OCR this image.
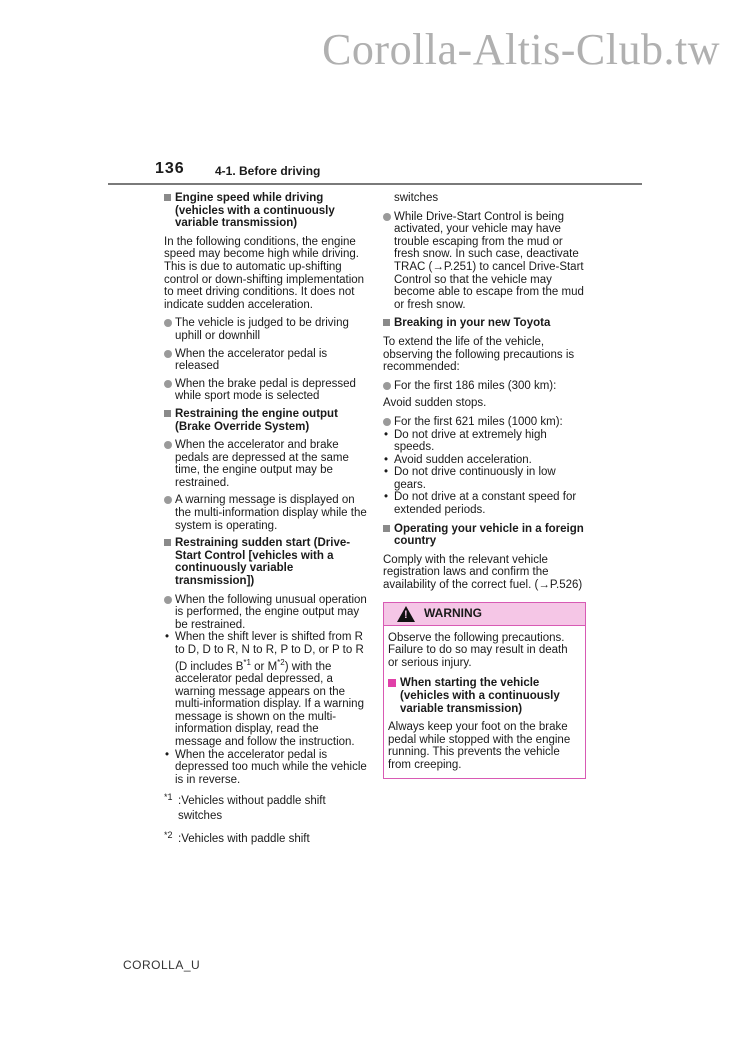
Corolla-Altis-Club.tw
136	4-1. Before driving

Engine speed while driving (vehicles with a continuously variable transmission)

In the following conditions, the engine speed may become high while driving. This is due to automatic up-shifting control or down-shifting implementation to meet driving conditions. It does not indicate sudden acceleration.

The vehicle is judged to be driving uphill or downhill

When the accelerator pedal is released

When the brake pedal is depressed while sport mode is selected

Restraining the engine output (Brake Override System)

When the accelerator and brake pedals are depressed at the same time, the engine output may be restrained.

A warning message is displayed on the multi-information display while the system is operating.

Restraining sudden start (Drive-Start Control [vehicles with a continuously variable transmission])

When the following unusual operation is performed, the engine output may be restrained.

• When the shift lever is shifted from R to D, D to R, N to R, P to D, or P to R (D includes $B^{*1}$ or $M^{*2}$) with the accelerator pedal depressed, a warning message appears on the multi-information display. If a warning message is shown on the multi-information display, read the message and follow the instruction.

• When the accelerator pedal is depressed too much while the vehicle is in reverse.

*1 :Vehicles without paddle shift switches

*2 :Vehicles with paddle shift

switches

While Drive-Start Control is being activated, your vehicle may have trouble escaping from the mud or fresh snow. In such case, deactivate TRAC (→P.251) to cancel Drive-Start Control so that the vehicle may become able to escape from the mud or fresh snow.

Breaking in your new Toyota

To extend the life of the vehicle, observing the following precautions is recommended:

For the first 186 miles (300 km):

Avoid sudden stops.

For the first 621 miles (1000 km):

• Do not drive at extremely high speeds.

• Avoid sudden acceleration.

• Do not drive continuously in low gears.

• Do not drive at a constant speed for extended periods.

Operating your vehicle in a foreign country

Comply with the relevant vehicle registration laws and confirm the availability of the correct fuel. (→P.526)

! WARNING

Observe the following precautions.

Failure to do so may result in death or serious injury.

When starting the vehicle (vehicles with a continuously variable transmission)

Always keep your foot on the brake pedal while stopped with the engine running. This prevents the vehicle from creeping.

COROLLA_U
